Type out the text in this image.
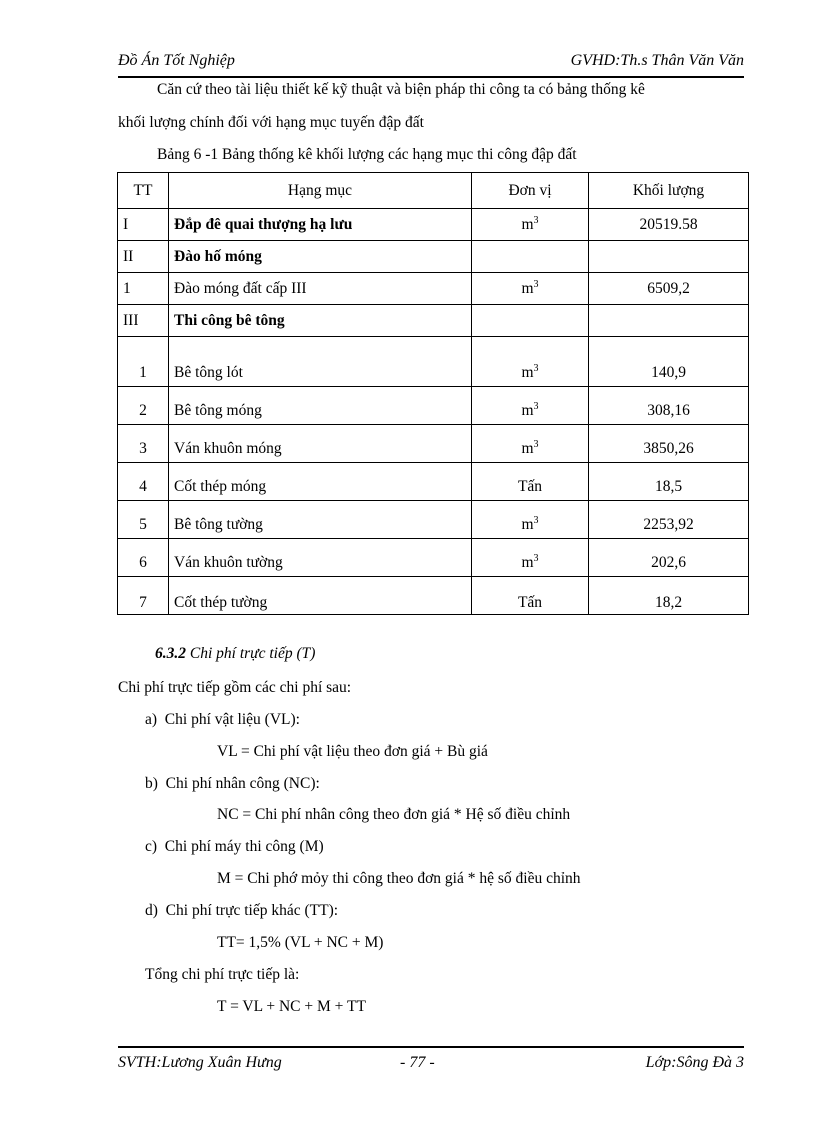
Đồ Án Tốt Nghiệp	GVHD:Th.s Thân Văn Văn
Căn cứ theo tài liệu thiết kế kỹ thuật và biện pháp thi công ta có bảng thống kê
khối lượng chính đối với hạng mục tuyến đập đất
Bảng 6 -1 Bảng thống kê khối lượng các hạng mục thi công đập đất
TT	Hạng mục	Đơn vị	Khối lượng
I	Đắp đê quai thượng hạ lưu	$m^3$	20519.58
II	Đào hố móng		
1	Đào móng đất cấp III	$m^3$	6509,2
III	Thi công bê tông		
1	Bê tông lót	$m^3$	140,9
2	Bê tông móng	$m^3$	308,16
3	Ván khuôn móng	$m^3$	3850,26
4	Cốt thép móng	Tấn	18,5
5	Bê tông tường	$m^3$	2253,92
6	Ván khuôn tường	$m^3$	202,6
7	Cốt thép tường	Tấn	18,2
6.3.2 Chi phí trực tiếp (T)
Chi phí trực tiếp gồm các chi phí sau:
a) Chi phí vật liệu (VL):
VL = Chi phí vật liệu theo đơn giá + Bù giá
b) Chi phí nhân công (NC):
NC = Chi phí nhân công theo đơn giá * Hệ số điều chỉnh
c) Chi phí máy thi công (M)
M = Chi phớ mỏy thi công theo đơn giá * hệ số điều chỉnh
d) Chi phí trực tiếp khác (TT):
TT= 1,5% (VL + NC + M)
Tổng chi phí trực tiếp là:
T = VL + NC + M + TT
SVTH:Lương Xuân Hưng	- 77 -	Lớp:Sông Đà 3
